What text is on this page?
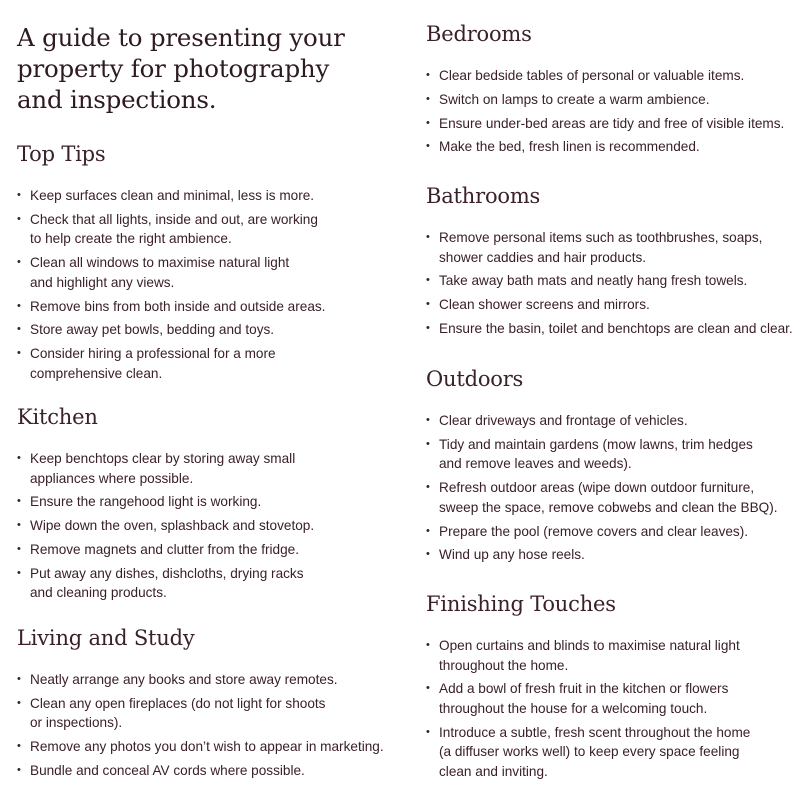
A guide to presenting your
property for photography
and inspections.
Top Tips
• Keep surfaces clean and minimal, less is more.
• Check that all lights, inside and out, are working
to help create the right ambience.
• Clean all windows to maximise natural light
and highlight any views.
• Remove bins from both inside and outside areas.
• Store away pet bowls, bedding and toys.
• Consider hiring a professional for a more
comprehensive clean.
Kitchen
• Keep benchtops clear by storing away small
appliances where possible.
• Ensure the rangehood light is working.
• Wipe down the oven, splashback and stovetop.
• Remove magnets and clutter from the fridge.
• Put away any dishes, dishcloths, drying racks
and cleaning products.
Living and Study
• Neatly arrange any books and store away remotes.
• Clean any open fireplaces (do not light for shoots
or inspections).
• Remove any photos you don’t wish to appear in marketing.
• Bundle and conceal AV cords where possible.
Bedrooms
• Clear bedside tables of personal or valuable items.
• Switch on lamps to create a warm ambience.
• Ensure under-bed areas are tidy and free of visible items.
• Make the bed, fresh linen is recommended.
Bathrooms
• Remove personal items such as toothbrushes, soaps,
shower caddies and hair products.
• Take away bath mats and neatly hang fresh towels.
• Clean shower screens and mirrors.
• Ensure the basin, toilet and benchtops are clean and clear.
Outdoors
• Clear driveways and frontage of vehicles.
• Tidy and maintain gardens (mow lawns, trim hedges
and remove leaves and weeds).
• Refresh outdoor areas (wipe down outdoor furniture,
sweep the space, remove cobwebs and clean the BBQ).
• Prepare the pool (remove covers and clear leaves).
• Wind up any hose reels.
Finishing Touches
• Open curtains and blinds to maximise natural light
throughout the home.
• Add a bowl of fresh fruit in the kitchen or flowers
throughout the house for a welcoming touch.
• Introduce a subtle, fresh scent throughout the home
(a diffuser works well) to keep every space feeling
clean and inviting.
